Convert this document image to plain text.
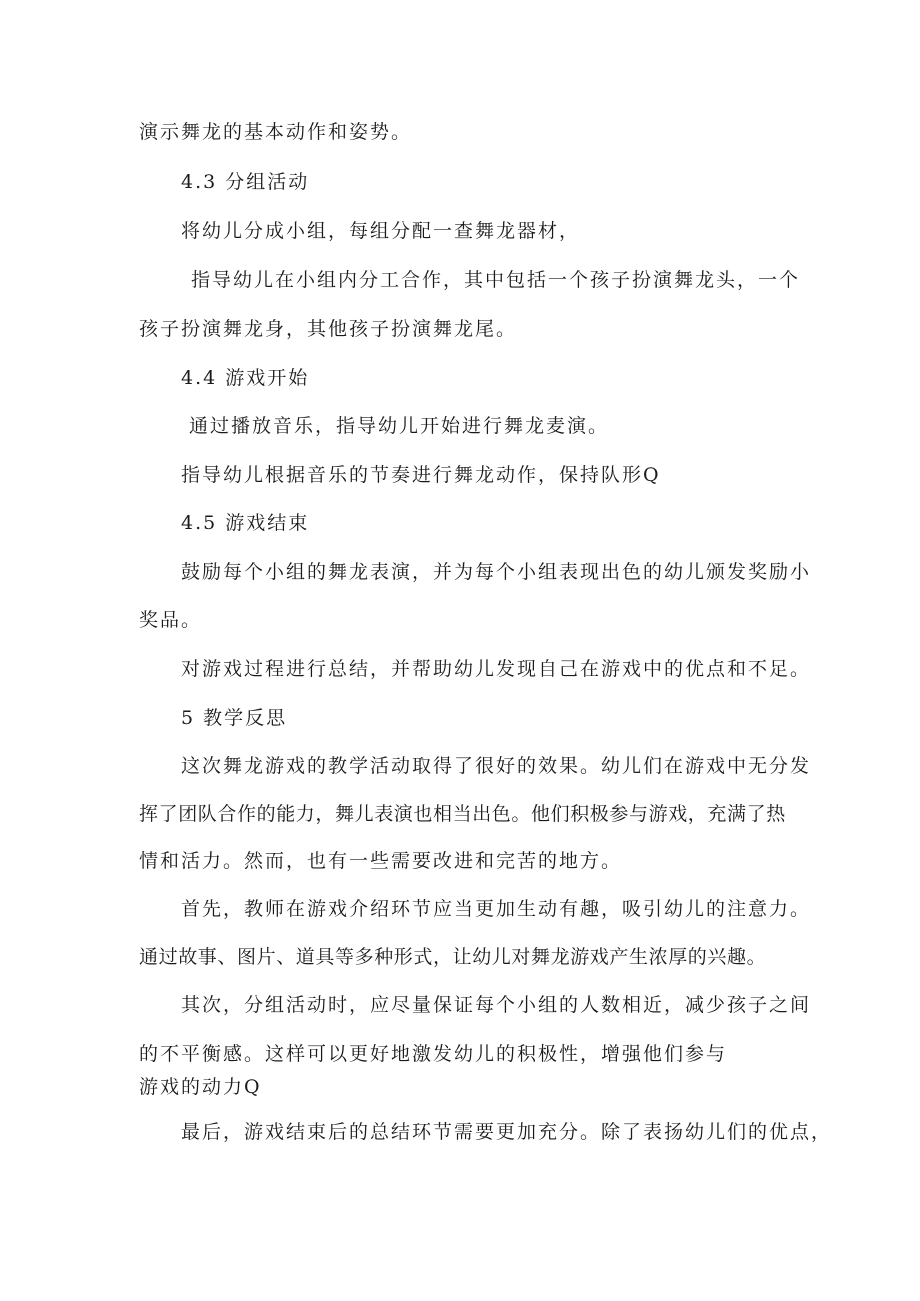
演示舞龙的基本动作和姿势。
4.3 分组活动
将幼儿分成小组，每组分配一查舞龙器材，
指导幼儿在小组内分工合作，其中包括一个孩子扮演舞龙头，一个
孩子扮演舞龙身，其他孩子扮演舞龙尾。
4.4 游戏开始
通过播放音乐，指导幼儿开始进行舞龙麦演。
指导幼儿根据音乐的节奏进行舞龙动作，保持队形Q
4.5 游戏结束
鼓励每个小组的舞龙表演，并为每个小组表现出色的幼儿颁发奖励小
奖品。
对游戏过程进行总结，并帮助幼儿发现自己在游戏中的优点和不足。
5 教学反思
这次舞龙游戏的教学活动取得了很好的效果。幼儿们在游戏中无分发
挥了团队合作的能力，舞儿表演也相当出色。他们积极参与游戏，充满了热
情和活力。然而，也有一些需要改进和完苦的地方。
首先，教师在游戏介绍环节应当更加生动有趣，吸引幼儿的注意力。
通过故事、图片、道具等多种形式，让幼儿对舞龙游戏产生浓厚的兴趣。
其次，分组活动时，应尽量保证每个小组的人数相近，减少孩子之间
的不平衡感。这样可以更好地激发幼儿的积极性，增强他们参与
游戏的动力Q
最后，游戏结束后的总结环节需要更加充分。除了表扬幼儿们的优点，
